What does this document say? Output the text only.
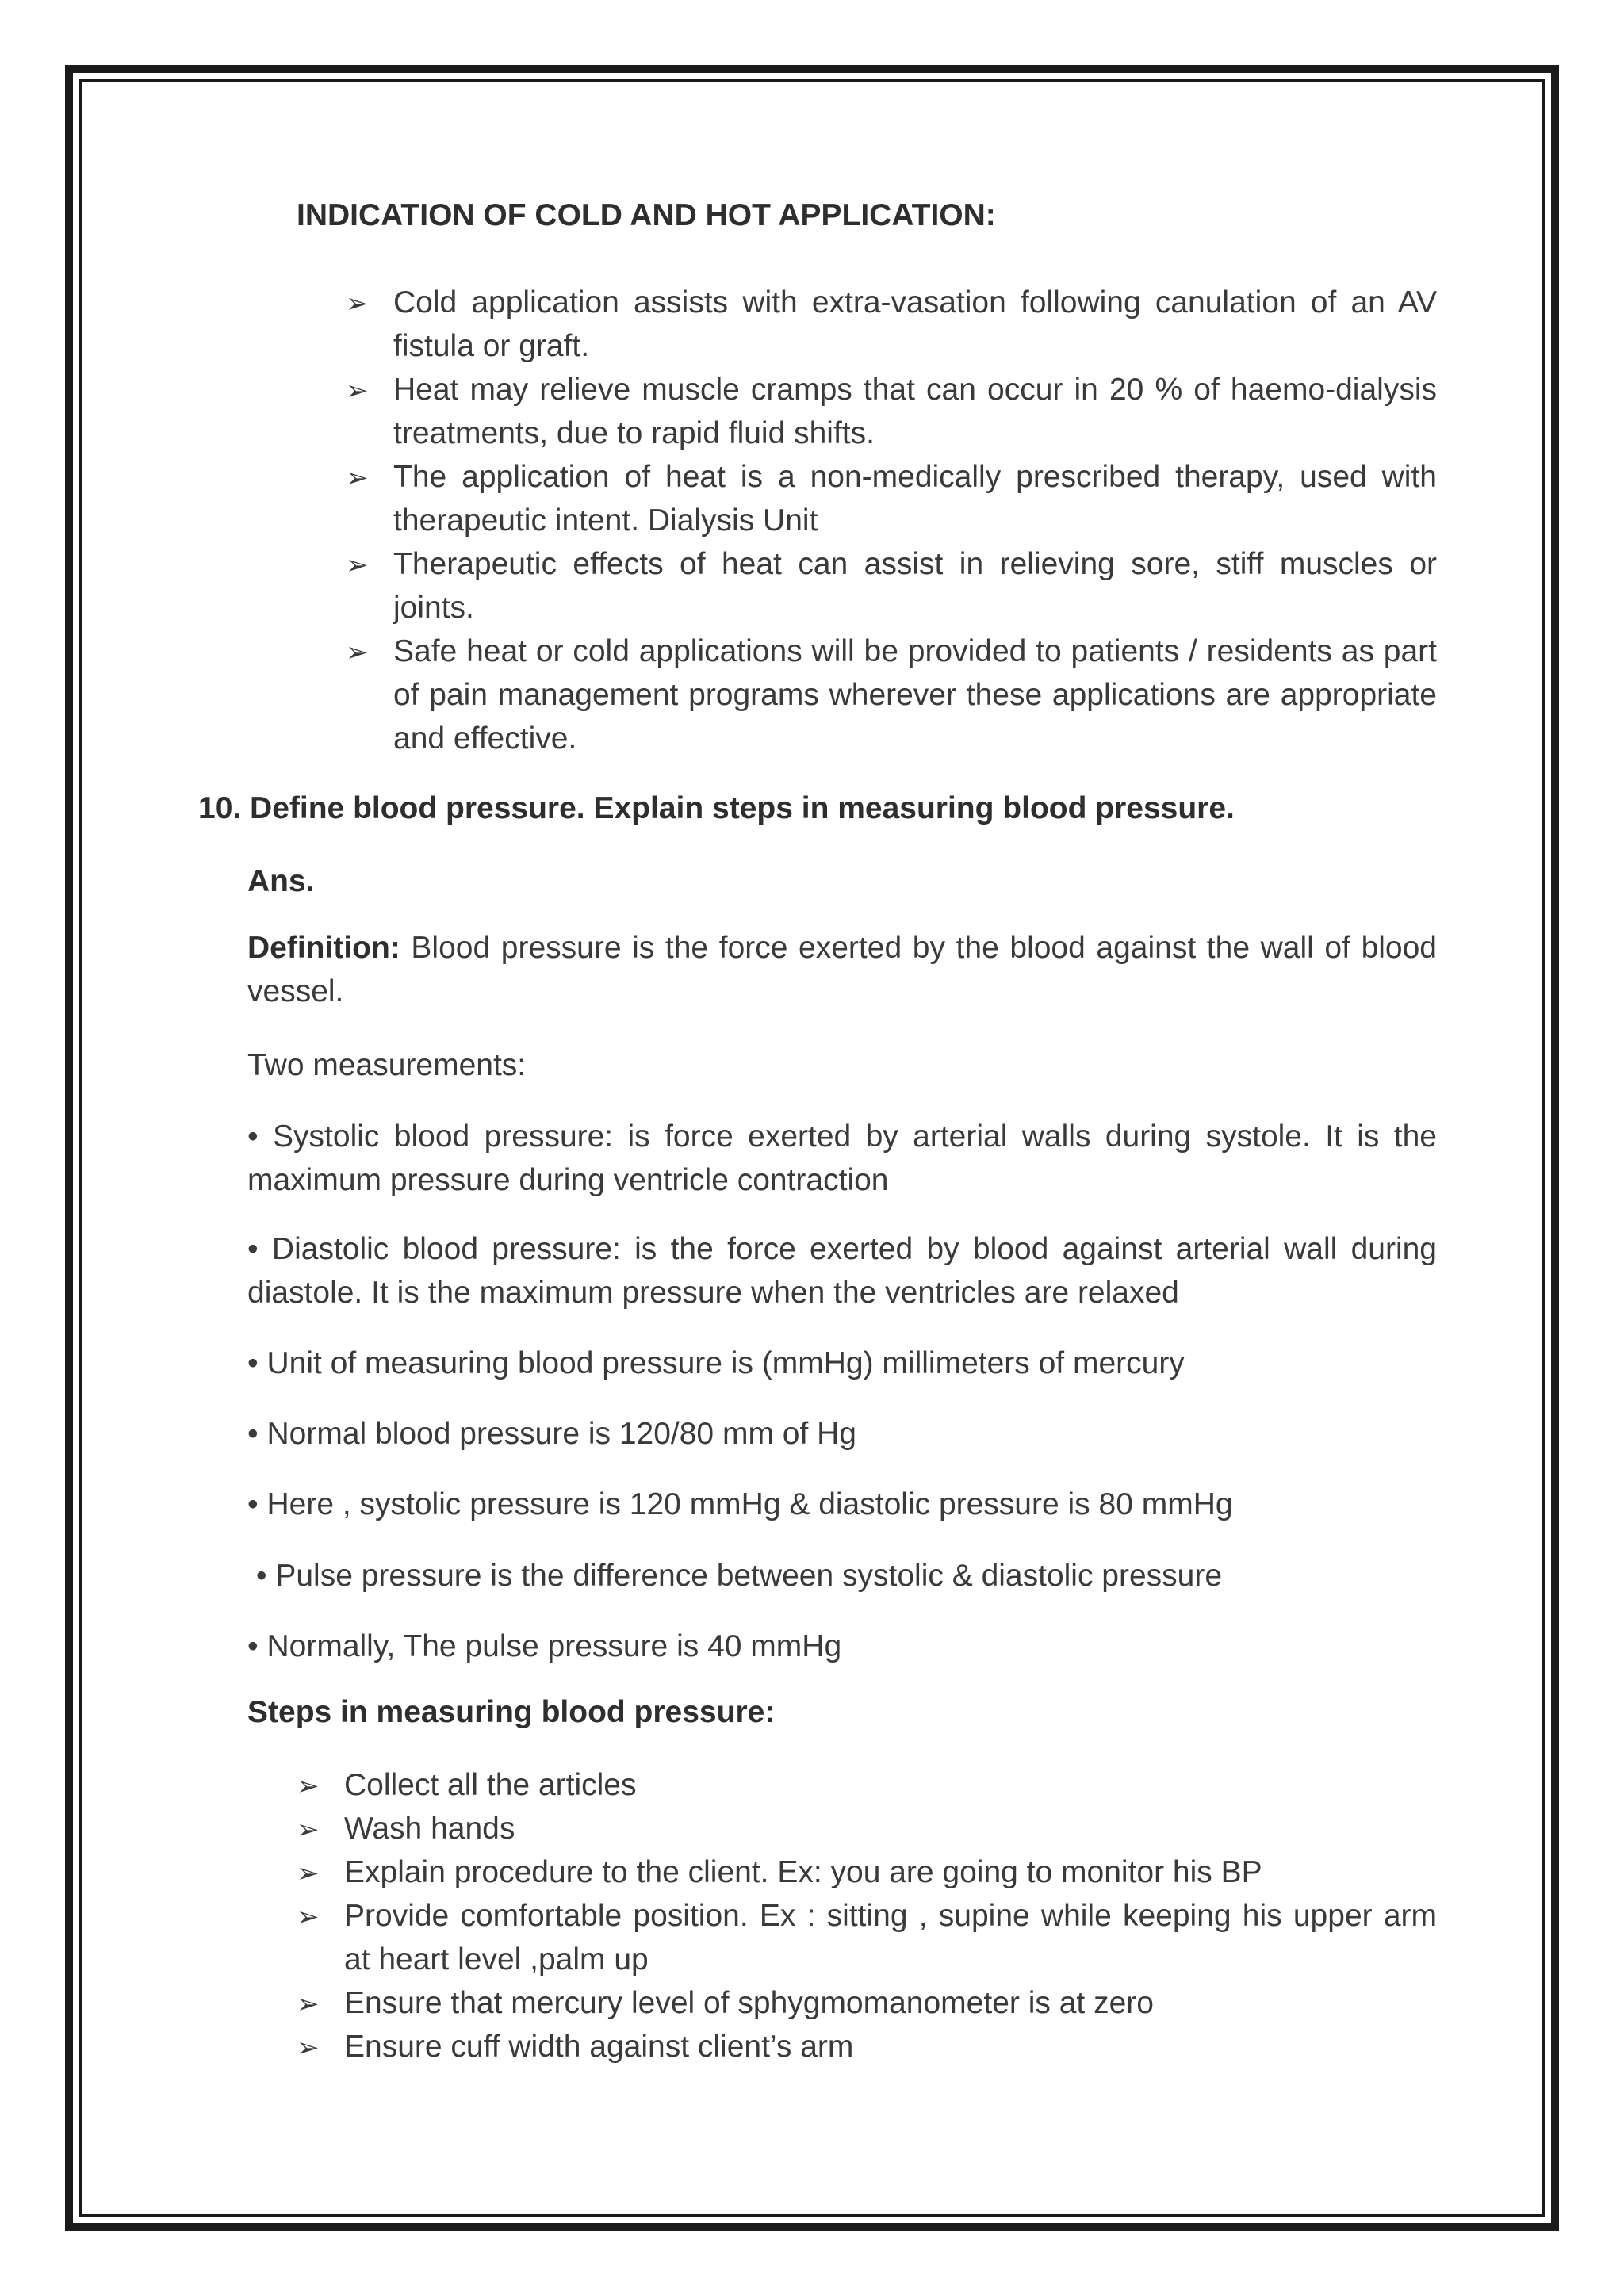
INDICATION OF COLD AND HOT APPLICATION:
➢ Cold application assists with extra-vasation following canulation of an AV fistula or graft.
➢ Heat may relieve muscle cramps that can occur in 20 % of haemo-dialysis treatments, due to rapid fluid shifts.
➢ The application of heat is a non-medically prescribed therapy, used with therapeutic intent. Dialysis Unit
➢ Therapeutic effects of heat can assist in relieving sore, stiff muscles or joints.
➢ Safe heat or cold applications will be provided to patients / residents as part of pain management programs wherever these applications are appropriate and effective.
10. Define blood pressure. Explain steps in measuring blood pressure.

Ans.

Definition: Blood pressure is the force exerted by the blood against the wall of blood vessel.

Two measurements:

• Systolic blood pressure: is force exerted by arterial walls during systole. It is the maximum pressure during ventricle contraction

• Diastolic blood pressure: is the force exerted by blood against arterial wall during diastole. It is the maximum pressure when the ventricles are relaxed

• Unit of measuring blood pressure is (mmHg) millimeters of mercury

• Normal blood pressure is 120/80 mm of Hg

• Here , systolic pressure is 120 mmHg & diastolic pressure is 80 mmHg

• Pulse pressure is the difference between systolic & diastolic pressure

• Normally, The pulse pressure is 40 mmHg

Steps in measuring blood pressure:
➢ Collect all the articles
➢ Wash hands
➢ Explain procedure to the client. Ex: you are going to monitor his BP
➢ Provide comfortable position. Ex : sitting , supine while keeping his upper arm at heart level ,palm up
➢ Ensure that mercury level of sphygmomanometer is at zero
➢ Ensure cuff width against client’s arm
